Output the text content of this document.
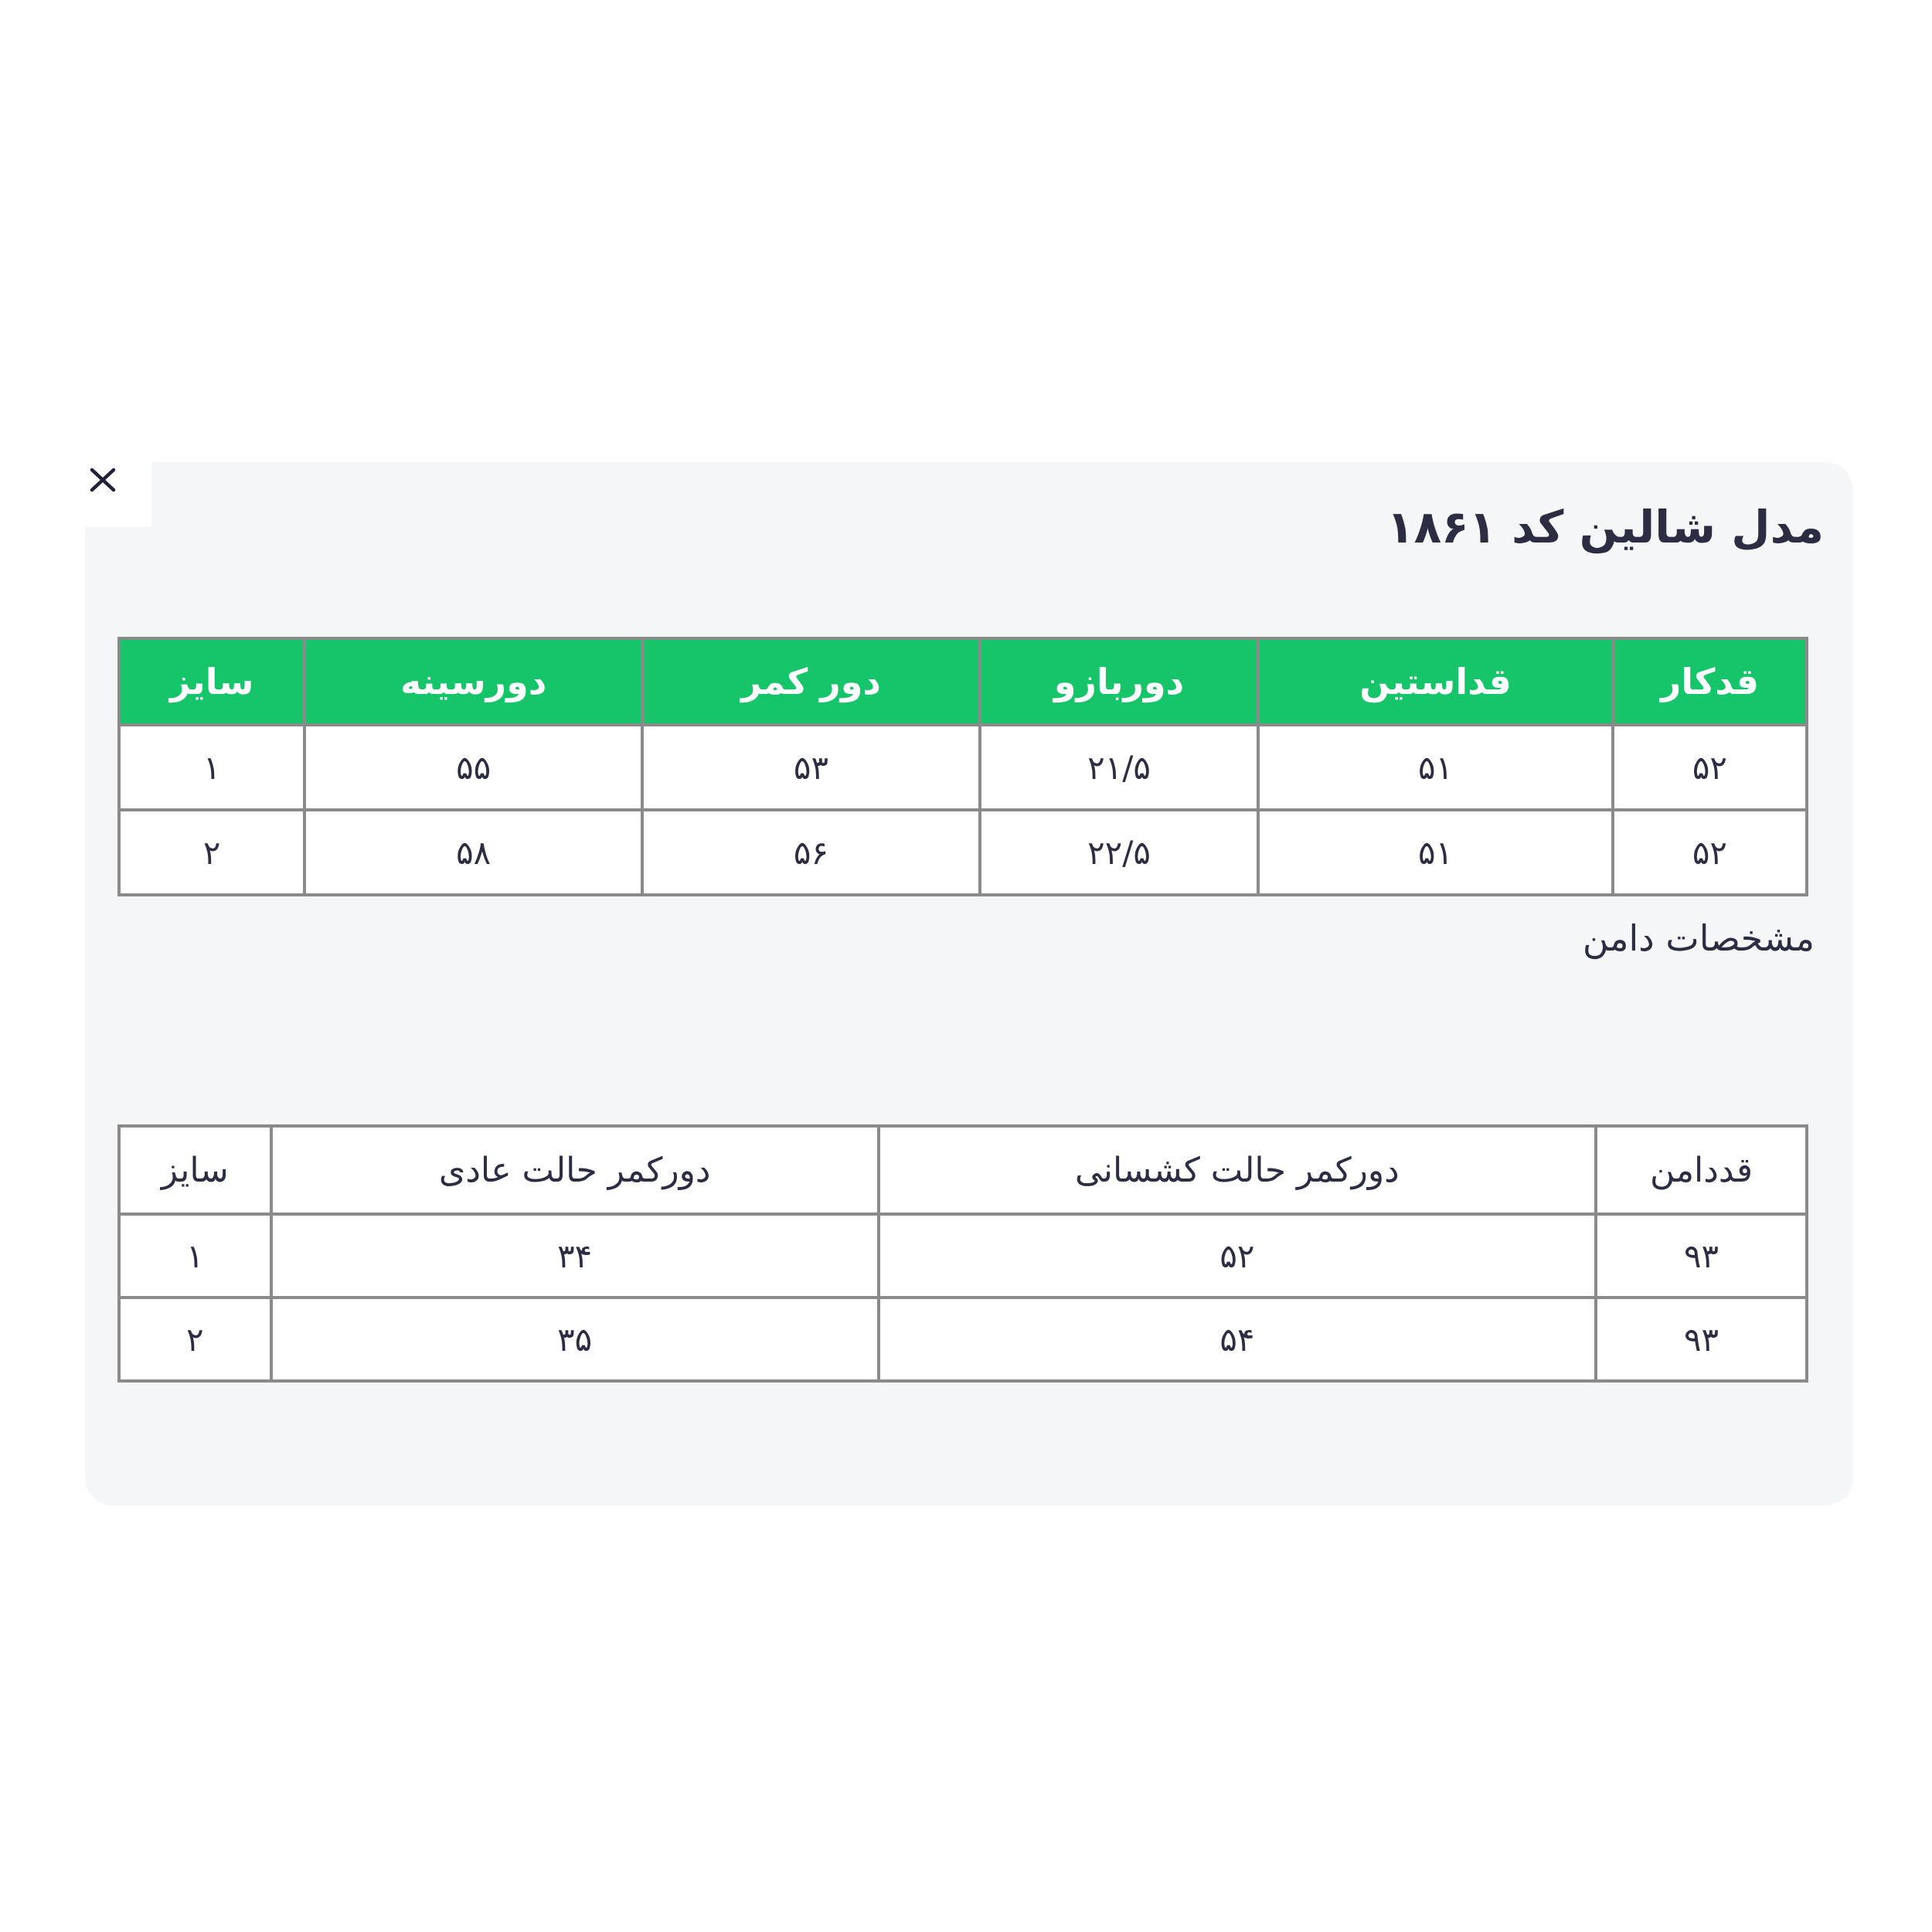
مدل شالین کد ۱۸۶۱
قدکار	قداستین	دوربازو	دور کمر	دورسینه	سایز
۵۲	۵۱	۲۱/۵	۵۳	۵۵	۱
۵۲	۵۱	۲۲/۵	۵۶	۵۸	۲
مشخصات دامن
قددامن	دورکمر حالت کشسانی	دورکمر حالت عادی	سایز
۹۳	۵۲	۳۴	۱
۹۳	۵۴	۳۵	۲
